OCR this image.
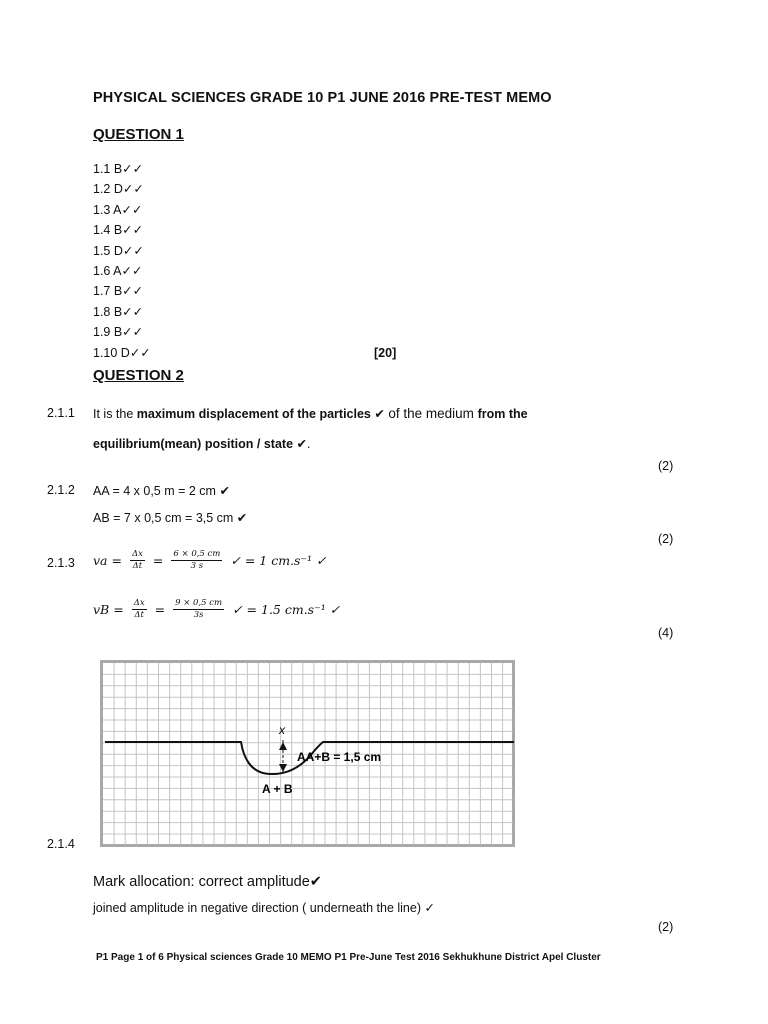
PHYSICAL SCIENCES GRADE 10 P1 JUNE 2016 PRE-TEST MEMO
QUESTION 1
1.1 B✓✓
1.2 D✓✓
1.3 A✓✓
1.4 B✓✓
1.5 D✓✓
1.6 A✓✓
1.7 B✓✓
1.8 B✓✓
1.9 B✓✓
1.10 D✓✓	[20]
QUESTION 2
2.1.1 It is the maximum displacement of the particles ✔ of the medium from the
equilibrium(mean) position / state ✔.
(2)
2.1.2 AA = 4 x 0,5 m = 2 cm ✔
AB = 7 x 0,5 cm = 3,5 cm ✔
(2)
2.1.3 va = $\frac{\Delta x}{\Delta t} = \frac{6 \times 0,5 cm}{3 s}$ ✓ = 1 cm.s⁻¹ ✓
vB = $\frac{\Delta x}{\Delta t} = \frac{9 \times 0,5 cm}{3s}$ ✓ = 1.5 cm.s⁻¹ ✓
(4)
x
AA+B = 1,5 cm
A + B
2.1.4
Mark allocation: correct amplitude✔
joined amplitude in negative direction ( underneath the line) ✓
(2)
P1 Page 1 of 6 Physical sciences Grade 10 MEMO P1 Pre-June Test 2016 Sekhukhune District Apel Cluster
